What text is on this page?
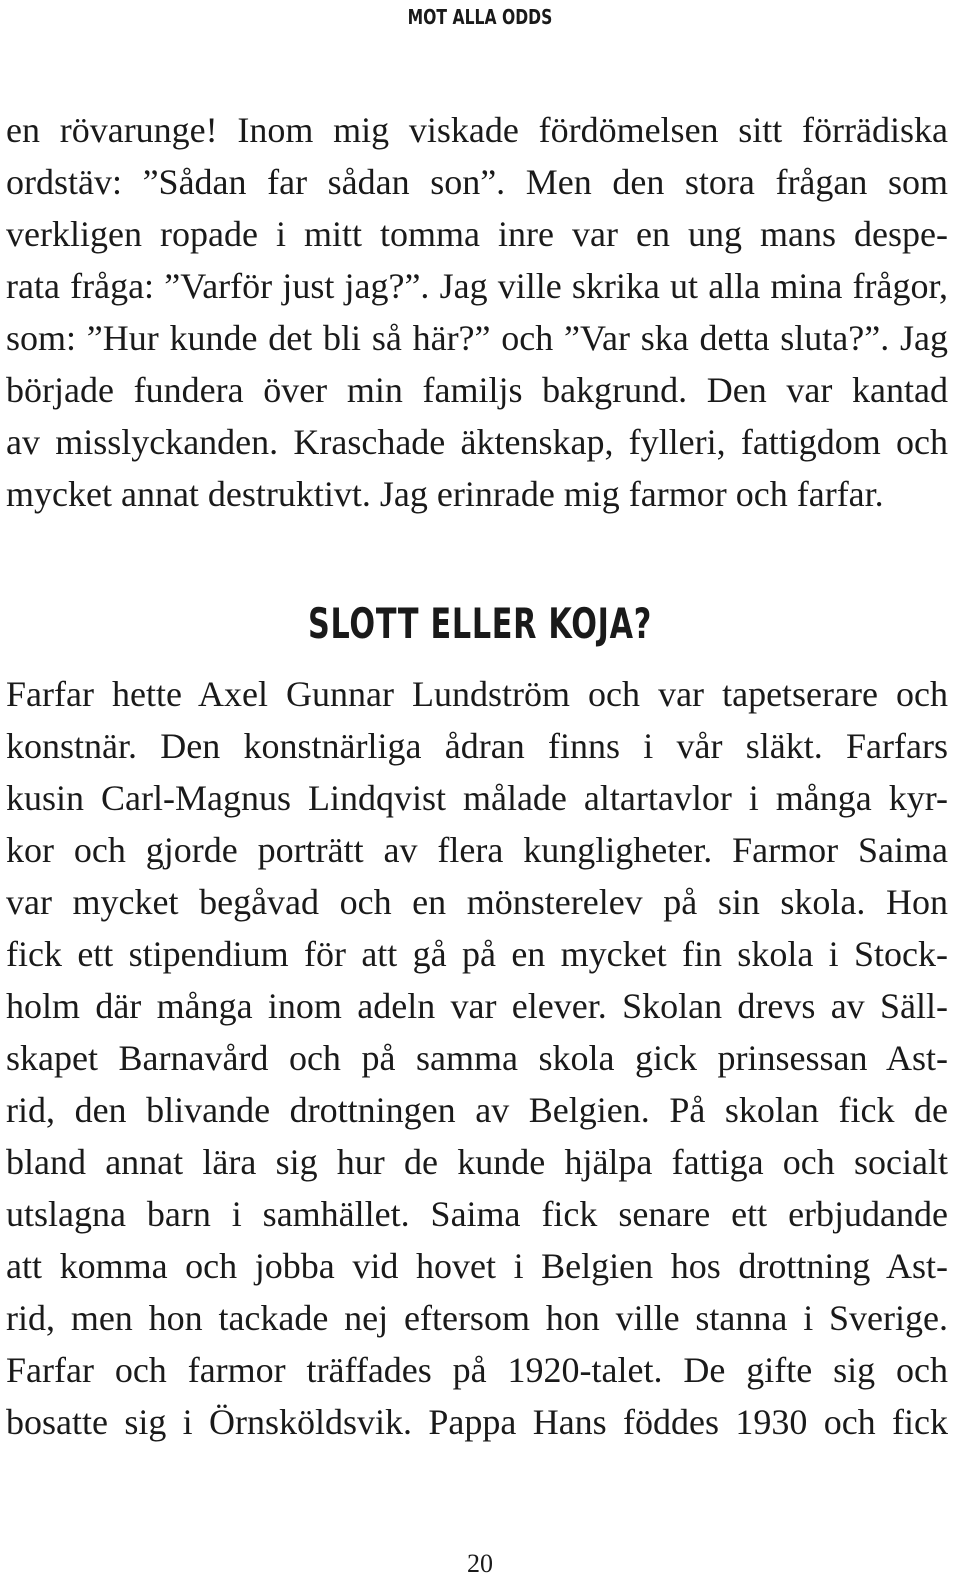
MOT ALLA ODDS

en rövarunge! Inom mig viskade fördömelsen sitt förrädiska

ordstäv: ”Sådan far sådan son”. Men den stora frågan som

verkligen ropade i mitt tomma inre var en ung mans despe-

rata fråga: ”Varför just jag?”. Jag ville skrika ut alla mina frågor,

som: ”Hur kunde det bli så här?” och ”Var ska detta sluta?”. Jag

började fundera över min familjs bakgrund. Den var kantad

av misslyckanden. Kraschade äktenskap, fylleri, fattigdom och

mycket annat destruktivt. Jag erinrade mig farmor och farfar.

SLOTT ELLER KOJA?

Farfar hette Axel Gunnar Lundström och var tapetserare och

konstnär. Den konstnärliga ådran finns i vår släkt. Farfars

kusin Carl-Magnus Lindqvist målade altartavlor i många kyr-

kor och gjorde porträtt av flera kungligheter. Farmor Saima

var mycket begåvad och en mönsterelev på sin skola. Hon

fick ett stipendium för att gå på en mycket fin skola i Stock-

holm där många inom adeln var elever. Skolan drevs av Säll-

skapet Barnavård och på samma skola gick prinsessan Ast-

rid, den blivande drottningen av Belgien. På skolan fick de

bland annat lära sig hur de kunde hjälpa fattiga och socialt

utslagna barn i samhället. Saima fick senare ett erbjudande

att komma och jobba vid hovet i Belgien hos drottning Ast-

rid, men hon tackade nej eftersom hon ville stanna i Sverige.

Farfar och farmor träffades på 1920-talet. De gifte sig och

bosatte sig i Örnsköldsvik. Pappa Hans föddes 1930 och fick

20
